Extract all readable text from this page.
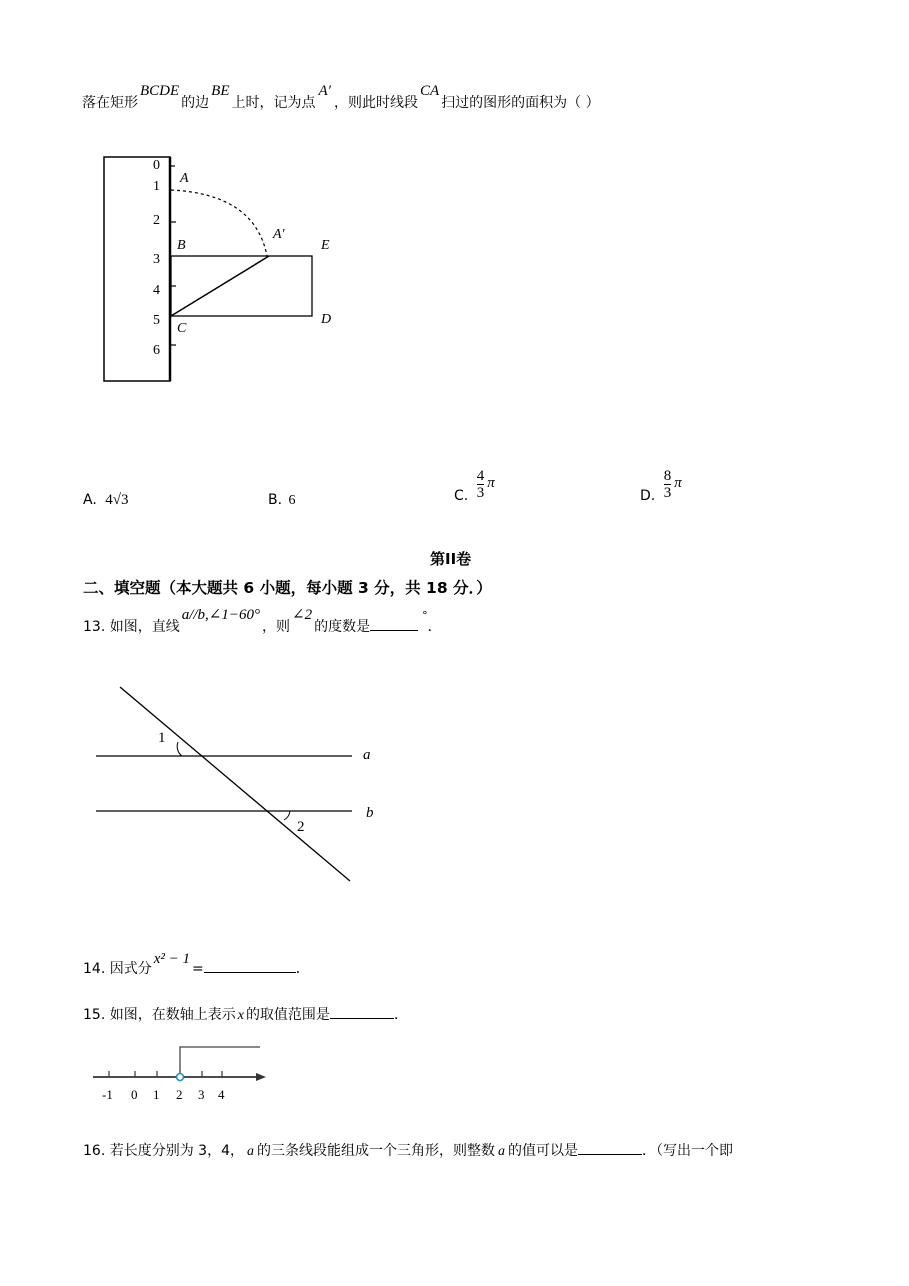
落在矩形BCDE的边BE上时，记为点A′，则此时线段CA扫过的图形的面积为（ ）
0
1
2
3
4
5
6
A
A′
B	E
C
D
A. 4√3	B. 6	C. $\frac{4}{3}$ π
D. $\frac{8}{3}$ π
第II卷
二、填空题（本大题共 6 小题，每小题 3 分，共 18 分．）
13. 如图，直线a//b,∠1−60°，则∠2的度数是°．
1
2
a
b
14. 因式分x² − 1=	．
15. 如图，在数轴上表示 x 的取值范围是	．
-1 0 1 2 3 4
16. 若长度分别为 3，4， a 的三条线段能组成一个三角形，则整数 a 的值可以是	．（写出一个即
